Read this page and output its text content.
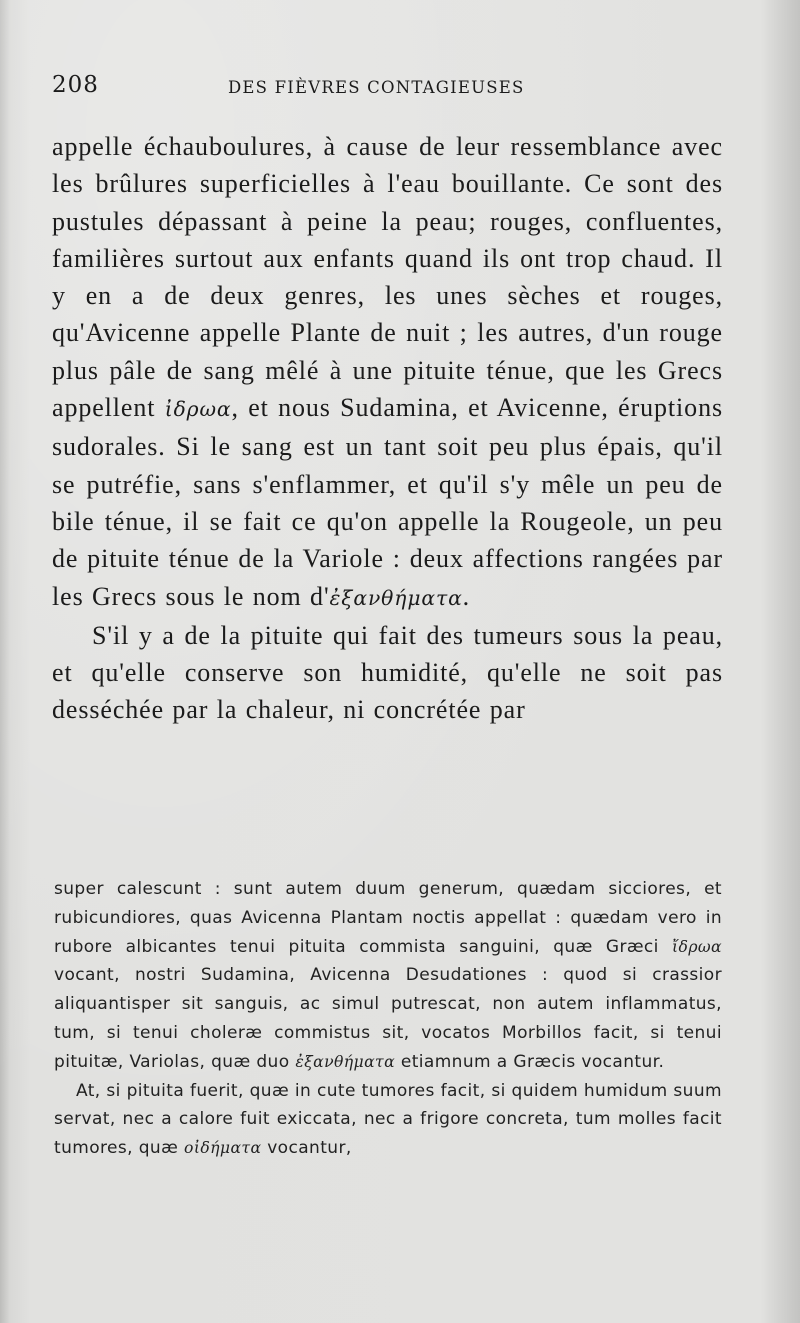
208	DES FIÈVRES CONTAGIEUSES

appelle échauboulures, à cause de leur ressemblance avec les brûlures superficielles à l'eau bouillante. Ce sont des pustules dépassant à peine la peau; rouges, confluentes, familières surtout aux enfants quand ils ont trop chaud. Il y en a de deux genres, les unes sèches et rouges, qu'Avicenne appelle Plante de nuit ; les autres, d'un rouge plus pâle de sang mêlé à une pituite ténue, que les Grecs appellent ἰδρωα, et nous Sudamina, et Avicenne, éruptions sudorales. Si le sang est un tant soit peu plus épais, qu'il se putréfie, sans s'enflammer, et qu'il s'y mêle un peu de bile ténue, il se fait ce qu'on appelle la Rougeole, un peu de pituite ténue de la Variole : deux affections rangées par les Grecs sous le nom d'ἐξανθήματα.

S'il y a de la pituite qui fait des tumeurs sous la peau, et qu'elle conserve son humidité, qu'elle ne soit pas desséchée par la chaleur, ni concrétée par

super calescunt : sunt autem duum generum, quædam sicciores, et rubicundiores, quas Avicenna Plantam noctis appellat : quædam vero in rubore albicantes tenui pituita commista sanguini, quæ Græci ἴδρωα vocant, nostri Sudamina, Avicenna Desudationes : quod si crassior aliquantisper sit sanguis, ac simul putrescat, non autem inflammatus, tum, si tenui choleræ commistus sit, vocatos Morbillos facit, si tenui pituitæ, Variolas, quæ duo ἐξανθήματα etiamnum a Græcis vocantur.

At, si pituita fuerit, quæ in cute tumores facit, si quidem humidum suum servat, nec a calore fuit exiccata, nec a frigore concreta, tum molles facit tumores, quæ οἰδήματα vocantur,
